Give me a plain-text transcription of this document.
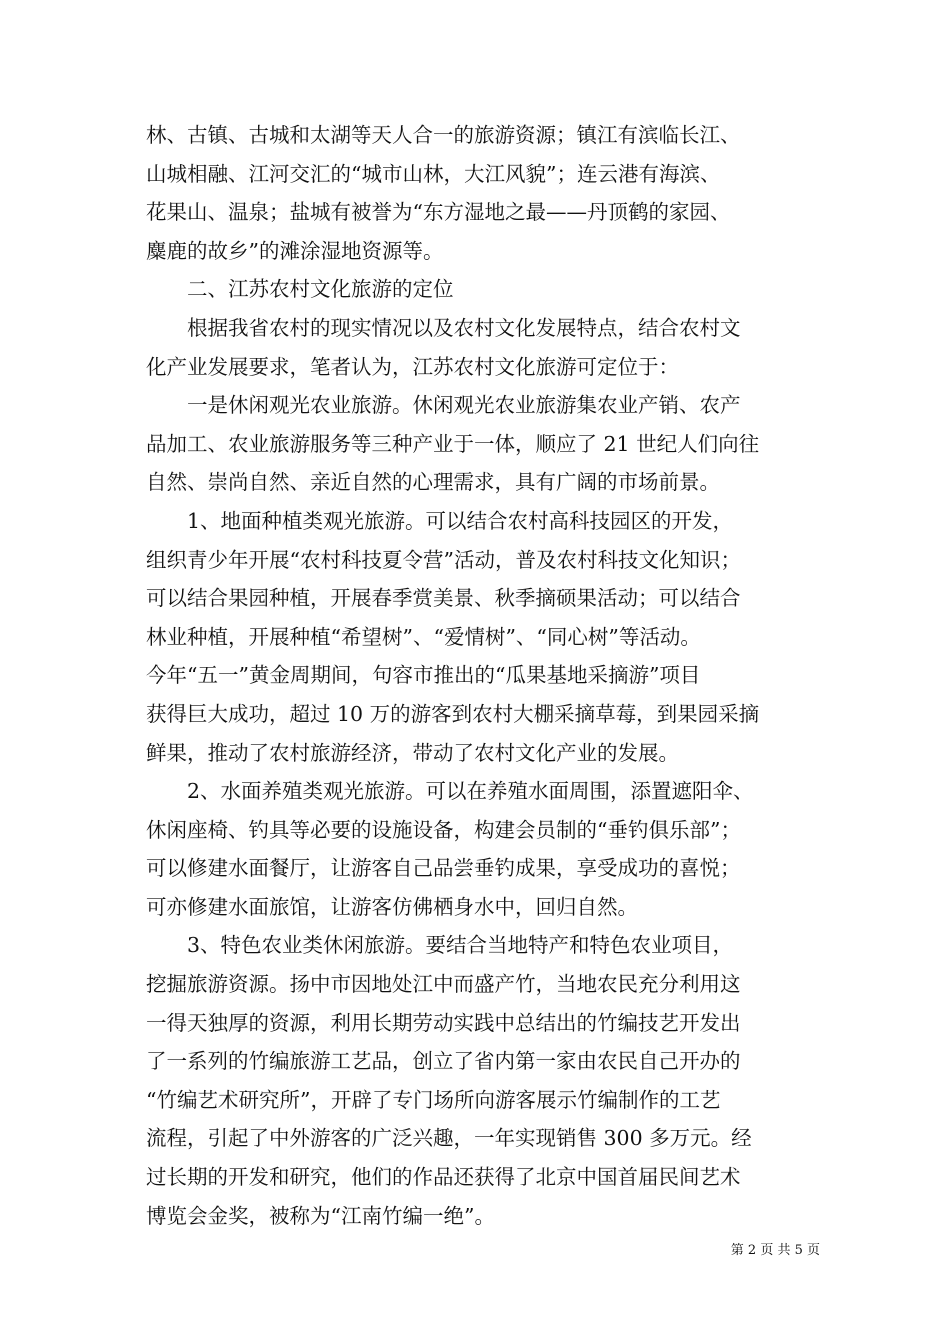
林、古镇、古城和太湖等天人合一的旅游资源；镇江有滨临长江、
山城相融、江河交汇的“城市山林，大江风貌”；连云港有海滨、
花果山、温泉；盐城有被誉为“东方湿地之最——丹顶鹤的家园、
麋鹿的故乡”的滩涂湿地资源等。
二、江苏农村文化旅游的定位
根据我省农村的现实情况以及农村文化发展特点，结合农村文
化产业发展要求，笔者认为，江苏农村文化旅游可定位于：
一是休闲观光农业旅游。休闲观光农业旅游集农业产销、农产
品加工、农业旅游服务等三种产业于一体，顺应了 21 世纪人们向往
自然、崇尚自然、亲近自然的心理需求，具有广阔的市场前景。
1、地面种植类观光旅游。可以结合农村高科技园区的开发，
组织青少年开展“农村科技夏令营”活动，普及农村科技文化知识；
可以结合果园种植，开展春季赏美景、秋季摘硕果活动；可以结合
林业种植，开展种植“希望树”、“爱情树”、“同心树”等活动。
今年“五一”黄金周期间，句容市推出的“瓜果基地采摘游”项目
获得巨大成功，超过 10 万的游客到农村大棚采摘草莓，到果园采摘
鲜果，推动了农村旅游经济，带动了农村文化产业的发展。
2、水面养殖类观光旅游。可以在养殖水面周围，添置遮阳伞、
休闲座椅、钓具等必要的设施设备，构建会员制的“垂钓俱乐部”；
可以修建水面餐厅，让游客自己品尝垂钓成果，享受成功的喜悦；
可亦修建水面旅馆，让游客仿佛栖身水中，回归自然。
3、特色农业类休闲旅游。要结合当地特产和特色农业项目，
挖掘旅游资源。扬中市因地处江中而盛产竹，当地农民充分利用这
一得天独厚的资源，利用长期劳动实践中总结出的竹编技艺开发出
了一系列的竹编旅游工艺品，创立了省内第一家由农民自己开办的
“竹编艺术研究所”，开辟了专门场所向游客展示竹编制作的工艺
流程，引起了中外游客的广泛兴趣，一年实现销售 300 多万元。经
过长期的开发和研究，他们的作品还获得了北京中国首届民间艺术
博览会金奖，被称为“江南竹编一绝”。
第 2 页 共 5 页
